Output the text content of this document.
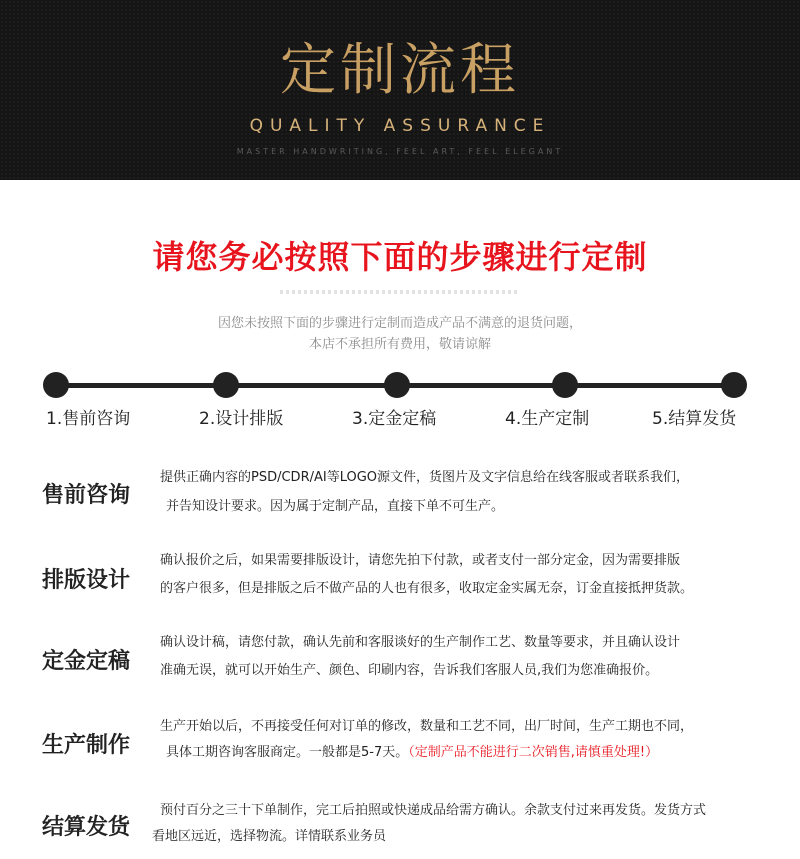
定制流程
QUALITY ASSURANCE
MASTER HANDWRITING, FEEL ART, FEEL ELEGANT
请您务必按照下面的步骤进行定制
因您未按照下面的步骤进行定制而造成产品不满意的退货问题，
本店不承担所有费用，敬请谅解
1.售前咨询	2.设计排版	3.定金定稿	4.生产定制	5.结算发货
售前咨询
提供正确内容的PSD/CDR/AI等LOGO源文件，货图片及文字信息给在线客服或者联系我们，
并告知设计要求。因为属于定制产品，直接下单不可生产。
排版设计
确认报价之后，如果需要排版设计，请您先拍下付款，或者支付一部分定金，因为需要排版
的客户很多，但是排版之后不做产品的人也有很多，收取定金实属无奈，订金直接抵押货款。
定金定稿
确认设计稿，请您付款，确认先前和客服谈好的生产制作工艺、数量等要求，并且确认设计
准确无误，就可以开始生产、颜色、印刷内容，告诉我们客服人员,我们为您准确报价。
生产制作
生产开始以后，不再接受任何对订单的修改，数量和工艺不同，出厂时间，生产工期也不同，
具体工期咨询客服商定。一般都是5-7天。（定制产品不能进行二次销售,请慎重处理!）
结算发货
预付百分之三十下单制作，完工后拍照或快递成品给需方确认。余款支付过来再发货。发货方式
看地区远近，选择物流。详情联系业务员
